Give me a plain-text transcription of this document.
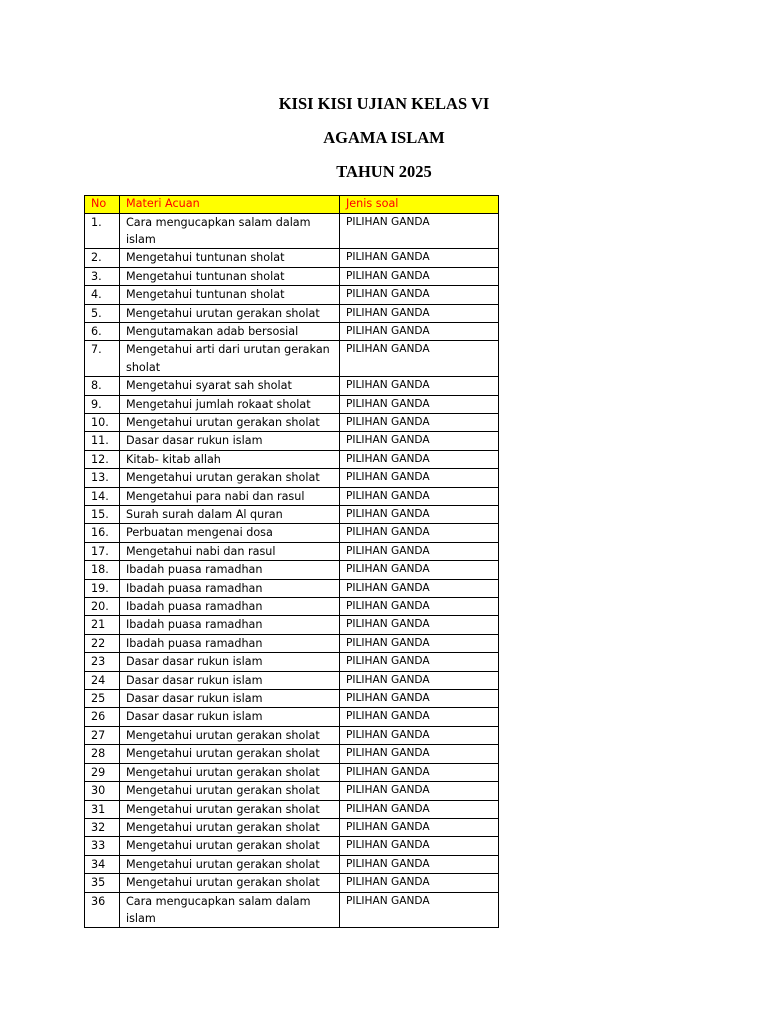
KISI KISI UJIAN KELAS VI
AGAMA ISLAM
TAHUN 2025
No	Materi Acuan	Jenis soal
1.	Cara mengucapkan salam dalam islam	PILIHAN GANDA
2.	Mengetahui tuntunan sholat	PILIHAN GANDA
3.	Mengetahui tuntunan sholat	PILIHAN GANDA
4.	Mengetahui tuntunan sholat	PILIHAN GANDA
5.	Mengetahui urutan gerakan sholat	PILIHAN GANDA
6.	Mengutamakan adab bersosial	PILIHAN GANDA
7.	Mengetahui arti dari urutan gerakan sholat	PILIHAN GANDA
8.	Mengetahui syarat sah sholat	PILIHAN GANDA
9.	Mengetahui jumlah rokaat sholat	PILIHAN GANDA
10.	Mengetahui urutan gerakan sholat	PILIHAN GANDA
11.	Dasar dasar rukun islam	PILIHAN GANDA
12.	Kitab- kitab allah	PILIHAN GANDA
13.	Mengetahui urutan gerakan sholat	PILIHAN GANDA
14.	Mengetahui para nabi dan rasul	PILIHAN GANDA
15.	Surah surah dalam Al quran	PILIHAN GANDA
16.	Perbuatan mengenai dosa	PILIHAN GANDA
17.	Mengetahui nabi dan rasul	PILIHAN GANDA
18.	Ibadah puasa ramadhan	PILIHAN GANDA
19.	Ibadah puasa ramadhan	PILIHAN GANDA
20.	Ibadah puasa ramadhan	PILIHAN GANDA
21	Ibadah puasa ramadhan	PILIHAN GANDA
22	Ibadah puasa ramadhan	PILIHAN GANDA
23	Dasar dasar rukun islam	PILIHAN GANDA
24	Dasar dasar rukun islam	PILIHAN GANDA
25	Dasar dasar rukun islam	PILIHAN GANDA
26	Dasar dasar rukun islam	PILIHAN GANDA
27	Mengetahui urutan gerakan sholat	PILIHAN GANDA
28	Mengetahui urutan gerakan sholat	PILIHAN GANDA
29	Mengetahui urutan gerakan sholat	PILIHAN GANDA
30	Mengetahui urutan gerakan sholat	PILIHAN GANDA
31	Mengetahui urutan gerakan sholat	PILIHAN GANDA
32	Mengetahui urutan gerakan sholat	PILIHAN GANDA
33	Mengetahui urutan gerakan sholat	PILIHAN GANDA
34	Mengetahui urutan gerakan sholat	PILIHAN GANDA
35	Mengetahui urutan gerakan sholat	PILIHAN GANDA
36	Cara mengucapkan salam dalam islam	PILIHAN GANDA
